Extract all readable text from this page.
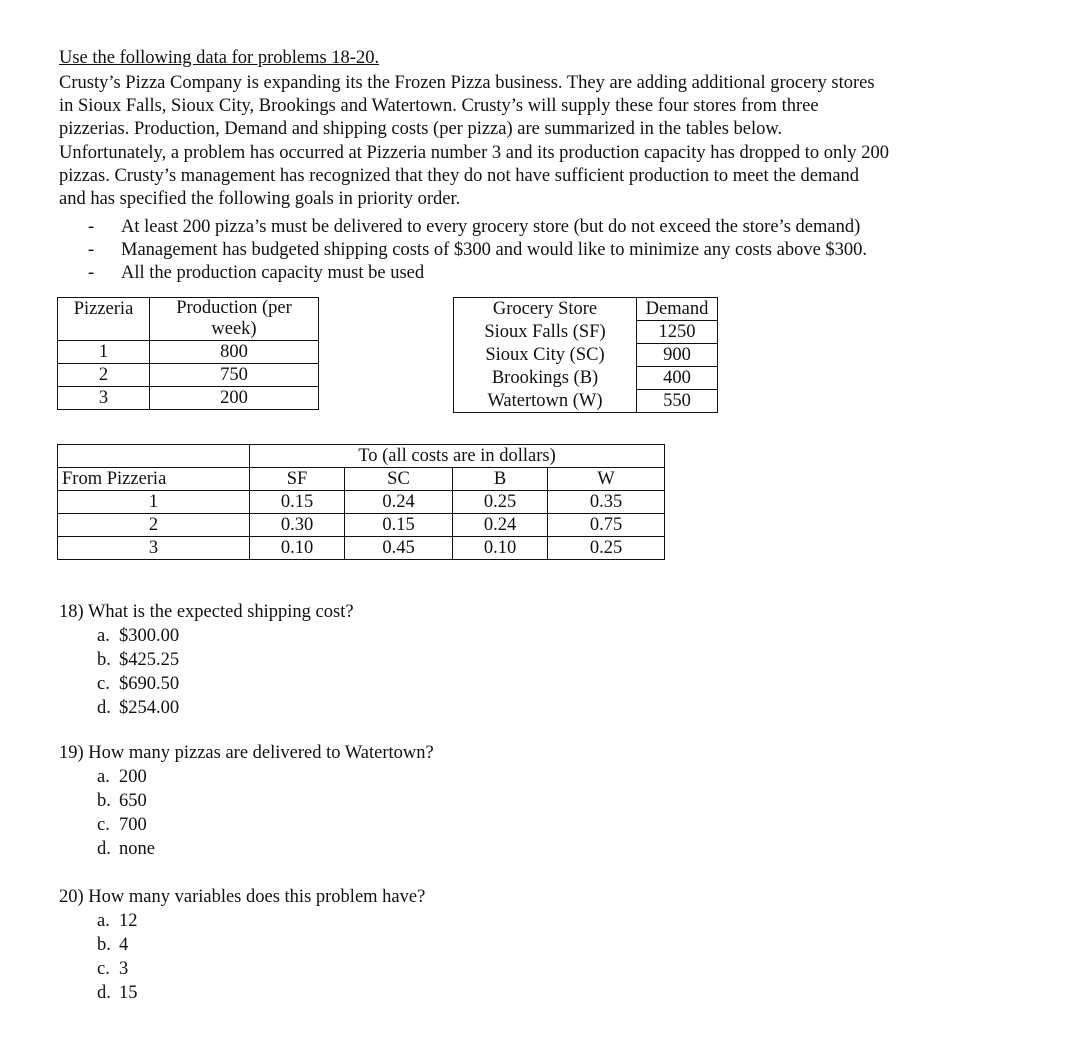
Use the following data for problems 18-20.
Crusty’s Pizza Company is expanding its the Frozen Pizza business. They are adding additional grocery stores
in Sioux Falls, Sioux City, Brookings and Watertown. Crusty’s will supply these four stores from three
pizzerias. Production, Demand and shipping costs (per pizza) are summarized in the tables below.
Unfortunately, a problem has occurred at Pizzeria number 3 and its production capacity has dropped to only 200
pizzas. Crusty’s management has recognized that they do not have sufficient production to meet the demand
and has specified the following goals in priority order.
-	At least 200 pizza’s must be delivered to every grocery store (but do not exceed the store’s demand)
-	Management has budgeted shipping costs of $300 and would like to minimize any costs above $300.
-	All the production capacity must be used
Pizzeria	Production (per week)
1	800
2	750
3	200
Grocery Store	Demand
Sioux Falls (SF)	1250
Sioux City (SC)	900
Brookings (B)	400
Watertown (W)	550
	To (all costs are in dollars)			
From Pizzeria	SF	SC	B	W
1	0.15	0.24	0.25	0.35
2	0.30	0.15	0.24	0.75
3	0.10	0.45	0.10	0.25
18) What is the expected shipping cost?
a. $300.00
b. $425.25
c. $690.50
d. $254.00
19) How many pizzas are delivered to Watertown?
a. 200
b. 650
c. 700
d. none
20) How many variables does this problem have?
a. 12
b. 4
c. 3
d. 15
